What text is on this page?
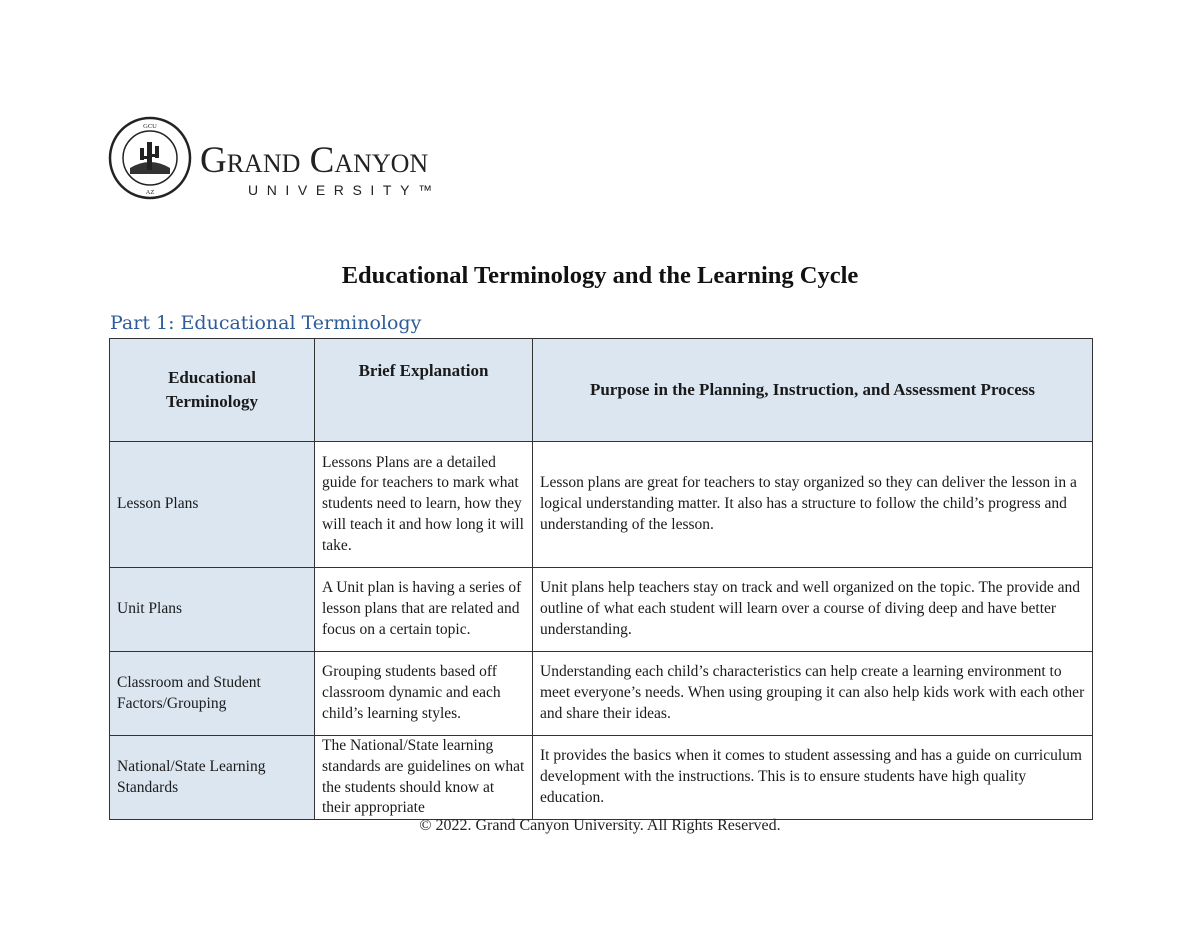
GCU
AZ
Grand Canyon
UNIVERSITY™
Educational Terminology and the Learning Cycle
Part 1: Educational Terminology
Educational Terminology	Brief Explanation	Purpose in the Planning, Instruction, and Assessment Process
Lesson Plans	Lessons Plans are a detailed guide for teachers to mark what students need to learn, how they will teach it and how long it will take.	Lesson plans are great for teachers to stay organized so they can deliver the lesson in a logical understanding matter. It also has a structure to follow the child’s progress and understanding of the lesson.
Unit Plans	A Unit plan is having a series of lesson plans that are related and focus on a certain topic.	Unit plans help teachers stay on track and well organized on the topic. The provide and outline of what each student will learn over a course of diving deep and have better understanding.
Classroom and Student Factors/Grouping	Grouping students based off classroom dynamic and each child’s learning styles.	Understanding each child’s characteristics can help create a learning environment to meet everyone’s needs. When using grouping it can also help kids work with each other and share their ideas.
National/State Learning Standards	The National/State learning standards are guidelines on what the students should know at their appropriate	It provides the basics when it comes to student assessing and has a guide on curriculum development with the instructions. This is to ensure students have high quality education.
© 2022. Grand Canyon University. All Rights Reserved.
